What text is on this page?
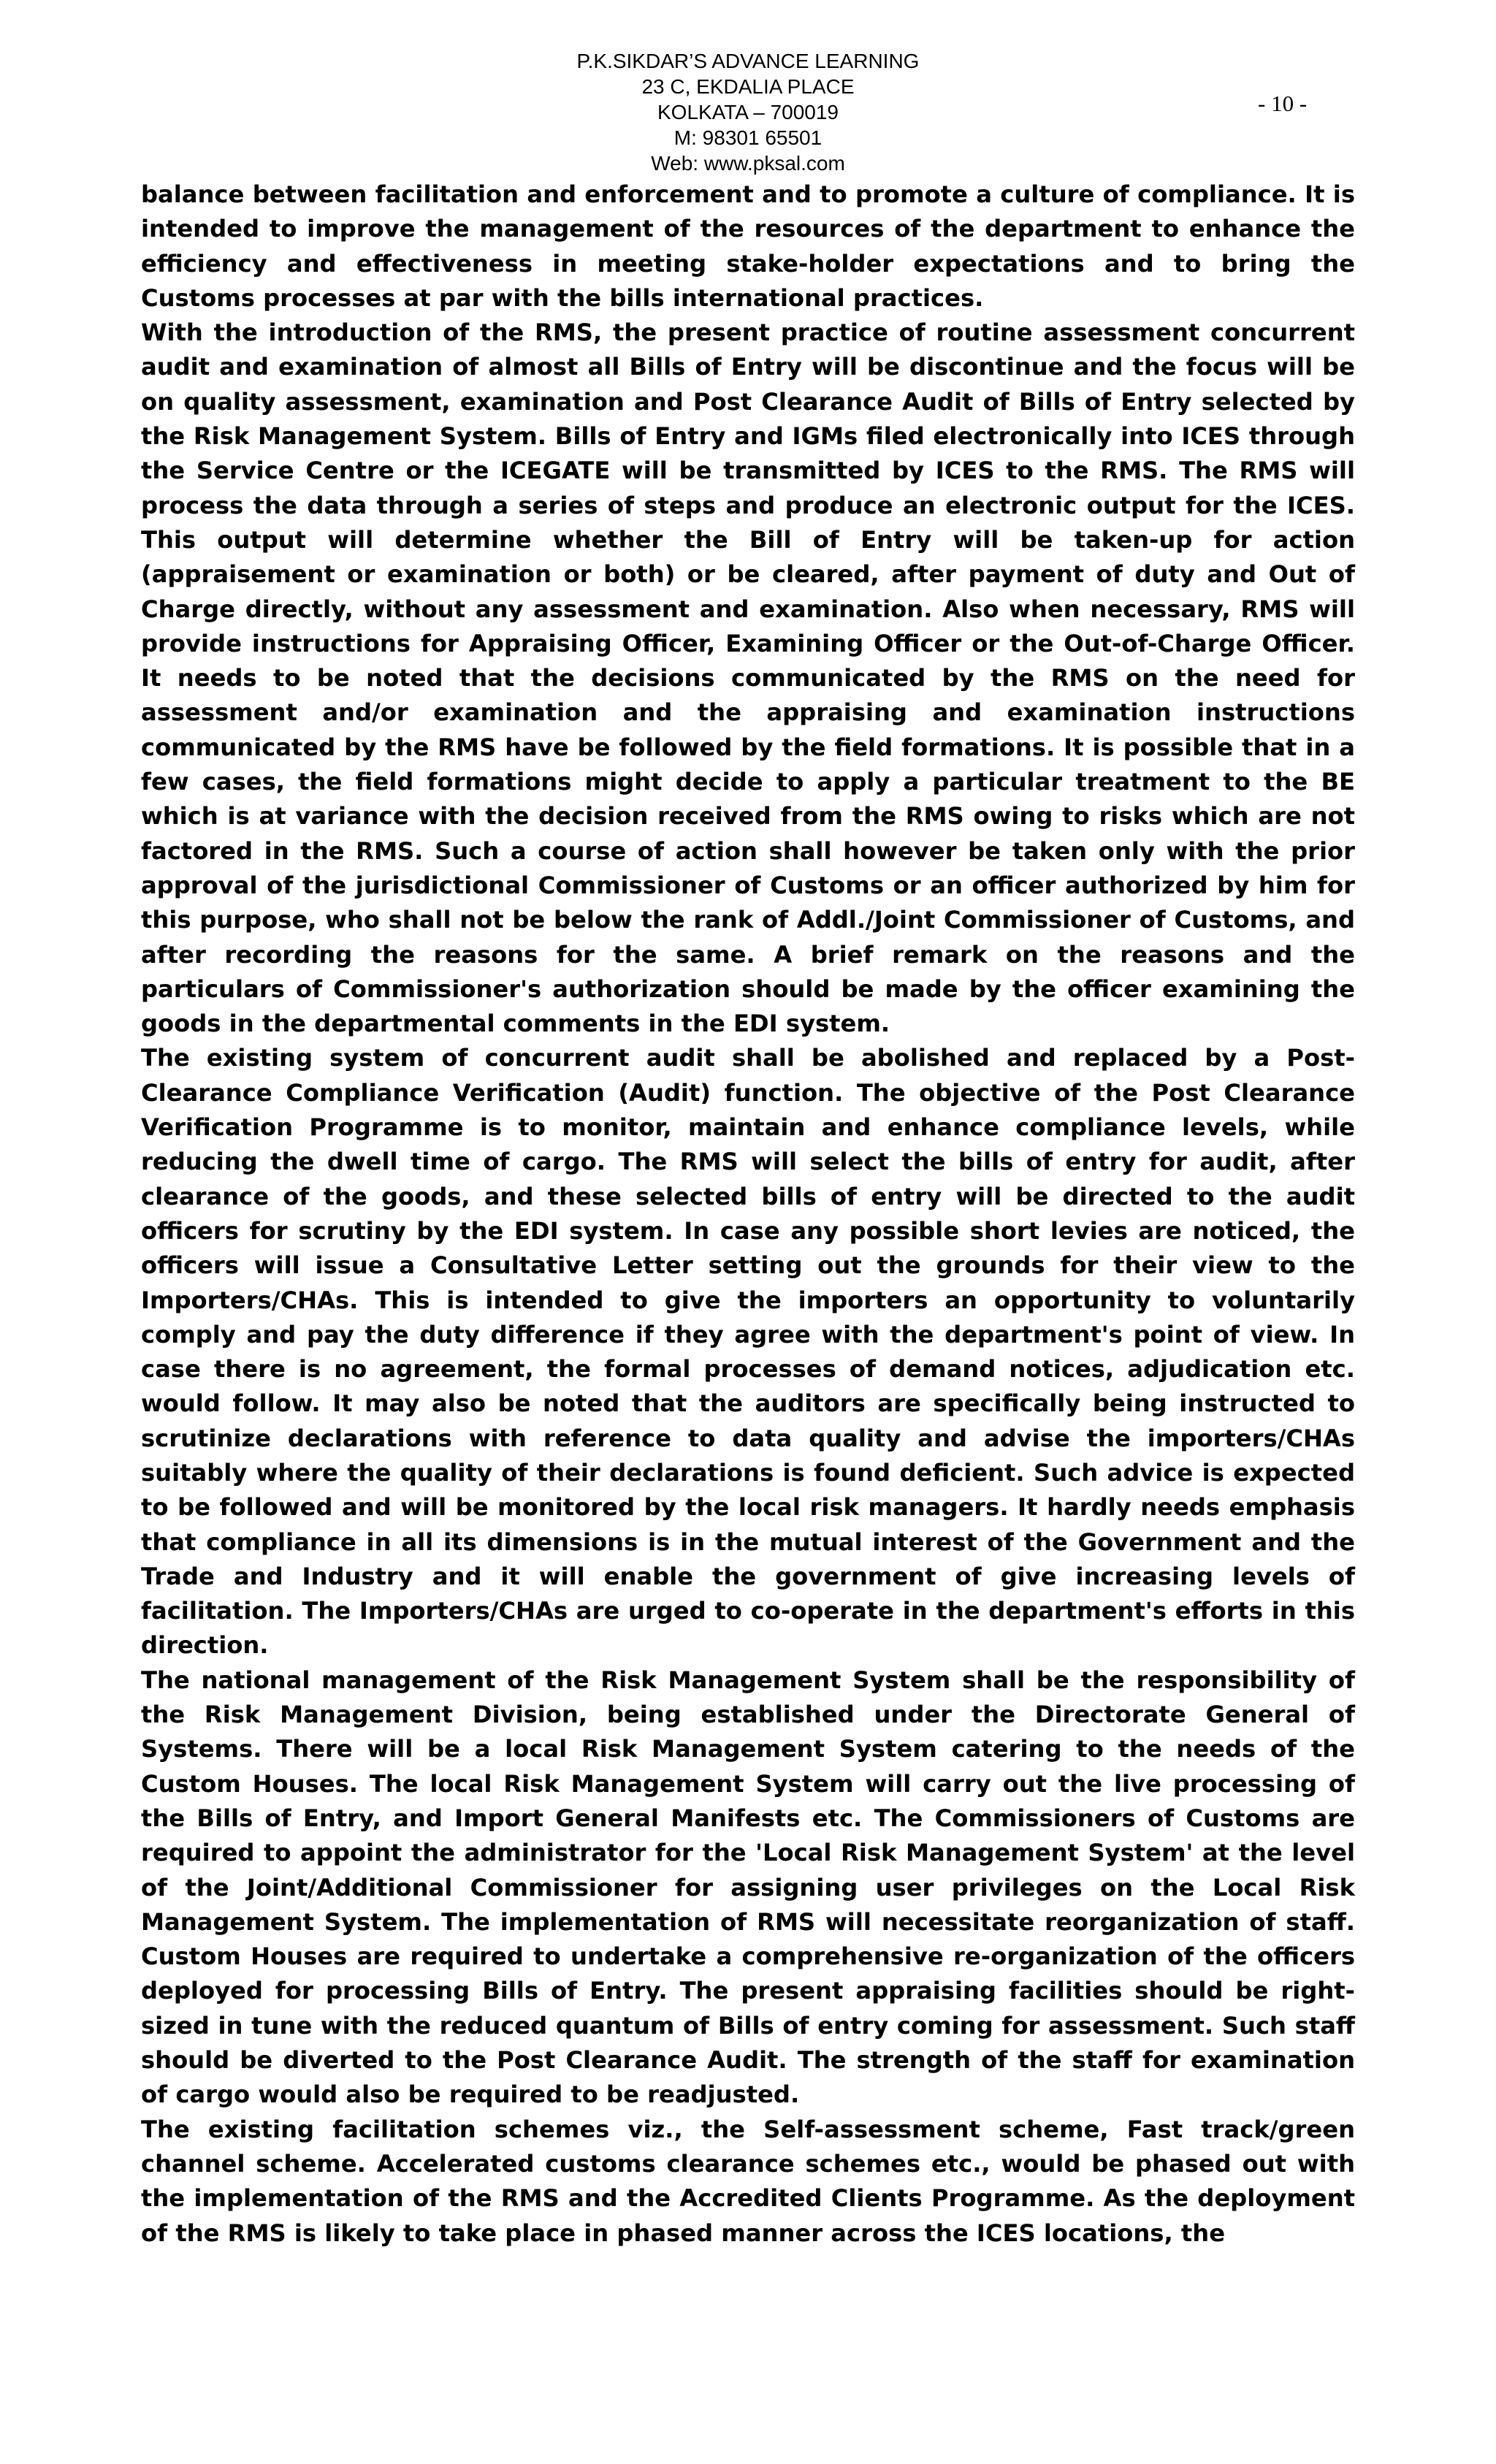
P.K.SIKDAR’S ADVANCE LEARNING
23 C, EKDALIA PLACE
KOLKATA – 700019
M: 98301 65501
Web: www.pksal.com
- 10 -

balance between facilitation and enforcement and to promote a culture of compliance. It is intended to improve the management of the resources of the department to enhance the efficiency and effectiveness in meeting stake-holder expectations and to bring the Customs processes at par with the bills international practices.

With the introduction of the RMS, the present practice of routine assessment concurrent audit and examination of almost all Bills of Entry will be discontinue and the focus will be on quality assessment, examination and Post Clearance Audit of Bills of Entry selected by the Risk Management System. Bills of Entry and IGMs filed electronically into ICES through the Service Centre or the ICEGATE will be transmitted by ICES to the RMS. The RMS will process the data through a series of steps and produce an electronic output for the ICES. This output will determine whether the Bill of Entry will be taken-up for action (appraisement or examination or both) or be cleared, after payment of duty and Out of Charge directly, without any assessment and examination. Also when necessary, RMS will provide instructions for Appraising Officer, Examining Officer or the Out-of-Charge Officer. It needs to be noted that the decisions communicated by the RMS on the need for assessment and/or examination and the appraising and examination instructions communicated by the RMS have be followed by the field formations. It is possible that in a few cases, the field formations might decide to apply a particular treatment to the BE which is at variance with the decision received from the RMS owing to risks which are not factored in the RMS. Such a course of action shall however be taken only with the prior approval of the jurisdictional Commissioner of Customs or an officer authorized by him for this purpose, who shall not be below the rank of Addl./Joint Commissioner of Customs, and after recording the reasons for the same. A brief remark on the reasons and the particulars of Commissioner's authorization should be made by the officer examining the goods in the departmental comments in the EDI system.

The existing system of concurrent audit shall be abolished and replaced by a Post-Clearance Compliance Verification (Audit) function. The objective of the Post Clearance Verification Programme is to monitor, maintain and enhance compliance levels, while reducing the dwell time of cargo. The RMS will select the bills of entry for audit, after clearance of the goods, and these selected bills of entry will be directed to the audit officers for scrutiny by the EDI system. In case any possible short levies are noticed, the officers will issue a Consultative Letter setting out the grounds for their view to the Importers/CHAs. This is intended to give the importers an opportunity to voluntarily comply and pay the duty difference if they agree with the department's point of view. In case there is no agreement, the formal processes of demand notices, adjudication etc. would follow. It may also be noted that the auditors are specifically being instructed to scrutinize declarations with reference to data quality and advise the importers/CHAs suitably where the quality of their declarations is found deficient. Such advice is expected to be followed and will be monitored by the local risk managers. It hardly needs emphasis that compliance in all its dimensions is in the mutual interest of the Government and the Trade and Industry and it will enable the government of give increasing levels of facilitation. The Importers/CHAs are urged to co-operate in the department's efforts in this direction.

The national management of the Risk Management System shall be the responsibility of the Risk Management Division, being established under the Directorate General of Systems. There will be a local Risk Management System catering to the needs of the Custom Houses. The local Risk Management System will carry out the live processing of the Bills of Entry, and Import General Manifests etc. The Commissioners of Customs are required to appoint the administrator for the 'Local Risk Management System' at the level of the Joint/Additional Commissioner for assigning user privileges on the Local Risk Management System. The implementation of RMS will necessitate reorganization of staff. Custom Houses are required to undertake a comprehensive re-organization of the officers deployed for processing Bills of Entry. The present appraising facilities should be right-sized in tune with the reduced quantum of Bills of entry coming for assessment. Such staff should be diverted to the Post Clearance Audit. The strength of the staff for examination of cargo would also be required to be readjusted.

The existing facilitation schemes viz., the Self-assessment scheme, Fast track/green channel scheme. Accelerated customs clearance schemes etc., would be phased out with the implementation of the RMS and the Accredited Clients Programme. As the deployment of the RMS is likely to take place in phased manner across the ICES locations, the
